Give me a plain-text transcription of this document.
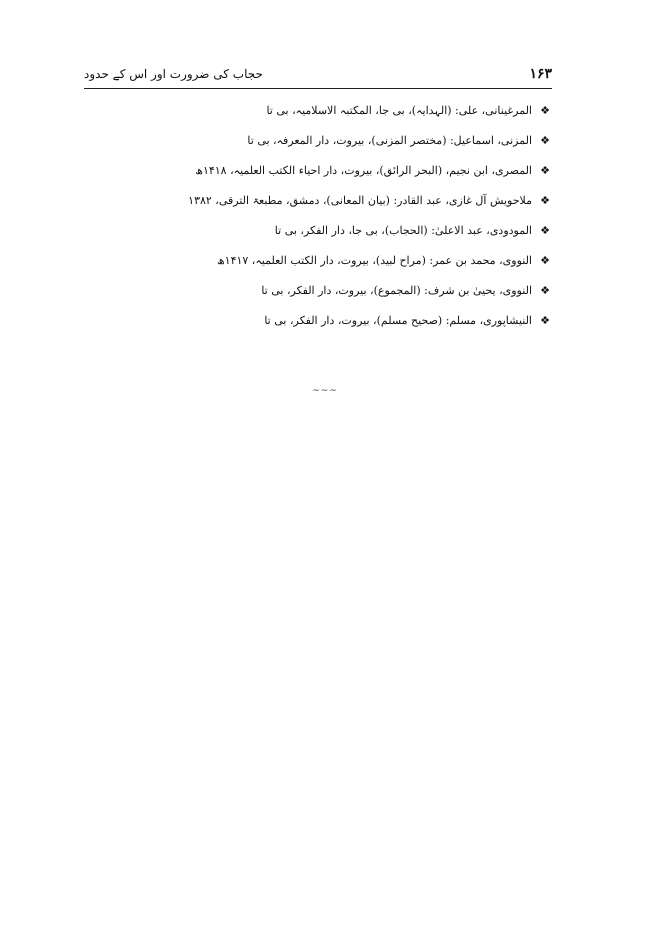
۱۶۳
حجاب کی ضرورت اور اس کے حدود
❖
المرغینانی، علی: (الہدایہ)، بی جا، المکتبہ الاسلامیہ، بی تا
❖
المزنی، اسماعیل: (مختصر المزنی)، بیروت، دار المعرفہ، بی تا
❖
المصری، ابن نجیم، (البحر الرائق)، بیروت، دار احیاء الکتب العلمیہ، ۱۴۱۸ھ
❖
ملاحویش آل غازی، عبد القادر: (بیان المعانی)، دمشق، مطبعۃ الترقی، ۱۳۸۲
❖
المودودی، عبد الاعلیٰ: (الحجاب)، بی جا، دار الفکر، بی تا
❖
النووی، محمد بن عمر: (مراح لبید)، بیروت، دار الکتب العلمیہ، ۱۴۱۷ھ
❖
النووی، یحییٰ بن شرف: (المجموع)، بیروت، دار الفکر، بی تا
❖
النیشاپوری، مسلم: (صحیح مسلم)، بیروت، دار الفکر، بی تا
~~~
